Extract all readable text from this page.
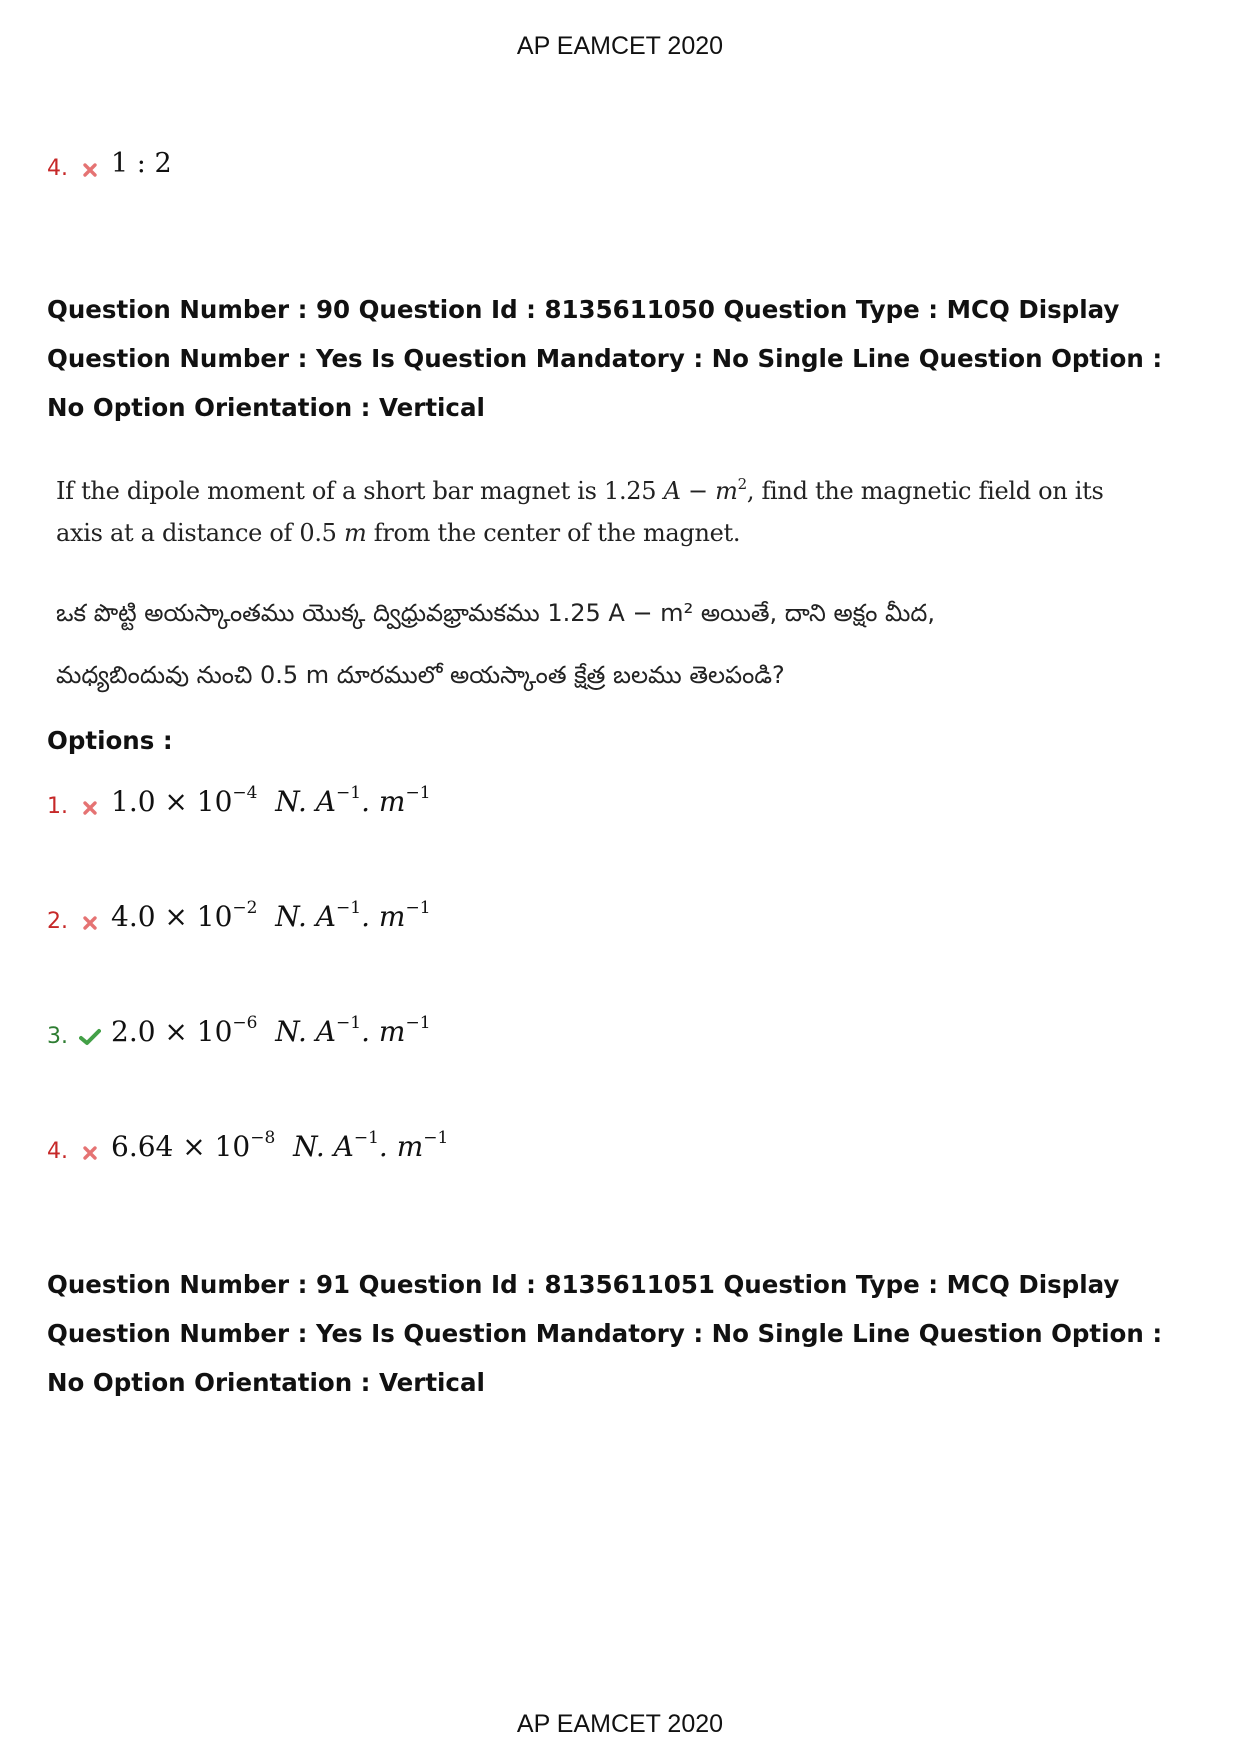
AP EAMCET 2020
4.	1 : 2
Question Number : 90 Question Id : 8135611050 Question Type : MCQ Display Question Number : Yes Is Question Mandatory : No Single Line Question Option : No Option Orientation : Vertical
If the dipole moment of a short bar magnet is 1.25 $A - m^2$, find the magnetic field on its
axis at a distance of 0.5 m from the center of the magnet.
ఒక పొట్టి అయస్కాంతము యొక్క ద్విధ్రువభ్రామకము 1.25 A − m² అయితే, దాని అక్షం మీద,
మధ్యబిందువు నుంచి 0.5 m దూరములో అయస్కాంత క్షేత్ర బలము తెలపండి?
Options :
1.	$1.0 \times 10^{-4}$ N. $A^{-1}$. $m^{-1}$
2.	$4.0 \times 10^{-2}$ N. $A^{-1}$. $m^{-1}$
3.	$2.0 \times 10^{-6}$ N. $A^{-1}$. $m^{-1}$
4.	$6.64 \times 10^{-8}$ N. $A^{-1}$. $m^{-1}$
Question Number : 91 Question Id : 8135611051 Question Type : MCQ Display Question Number : Yes Is Question Mandatory : No Single Line Question Option : No Option Orientation : Vertical
AP EAMCET 2020
